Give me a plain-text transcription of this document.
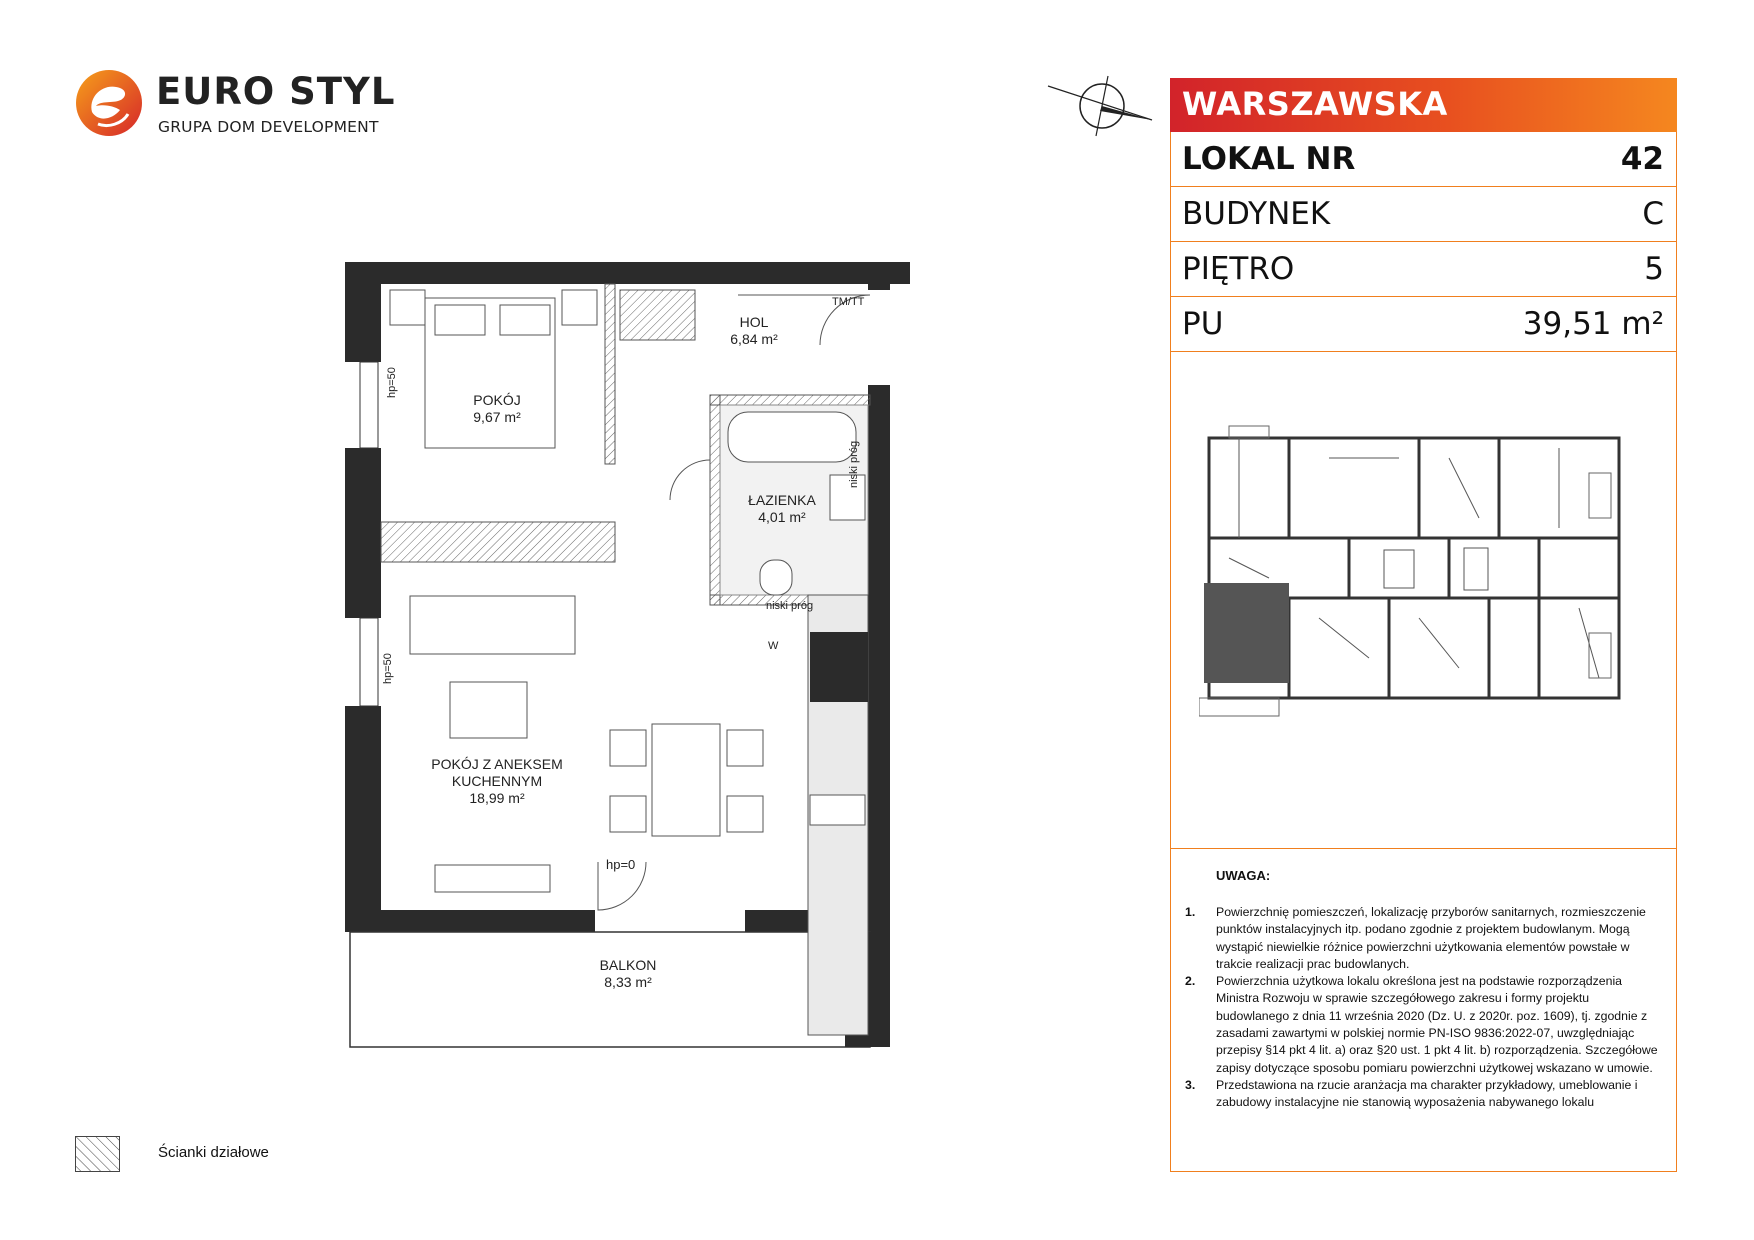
EURO STYL
GRUPA DOM DEVELOPMENT
HOL
6,84 m²
POKÓJ
9,67 m²
ŁAZIENKA
4,01 m²
POKÓJ Z ANEKSEM
KUCHENNYM
18,99 m²
BALKON
8,33 m²
TM/TT
hp=50
hp=50
hp=0
niski próg
niski próg
W
WARSZAWSKA
LOKAL NR	42
BUDYNEK	C
PIĘTRO	5
PU	39,51 m²
UWAGA:
1. Powierzchnię pomieszczeń, lokalizację przyborów sanitarnych, rozmieszczenie punktów instalacyjnych itp. podano zgodnie z projektem budowlanym. Mogą wystąpić niewielkie różnice powierzchni użytkowania elementów powstałe w trakcie realizacji prac budowlanych.
2. Powierzchnia użytkowa lokalu określona jest na podstawie rozporządzenia Ministra Rozwoju w sprawie szczegółowego zakresu i formy projektu budowlanego z dnia 11 września 2020 (Dz. U. z 2020r. poz. 1609), tj. zgodnie z zasadami zawartymi w polskiej normie PN-ISO 9836:2022-07, uwzględniając przepisy §14 pkt 4 lit. a) oraz §20 ust. 1 pkt 4 lit. b) rozporządzenia. Szczegółowe zapisy dotyczące sposobu pomiaru powierzchni użytkowej wskazano w umowie.
3. Przedstawiona na rzucie aranżacja ma charakter przykładowy, umeblowanie i zabudowy instalacyjne nie stanowią wyposażenia nabywanego lokalu
Ścianki działowe
